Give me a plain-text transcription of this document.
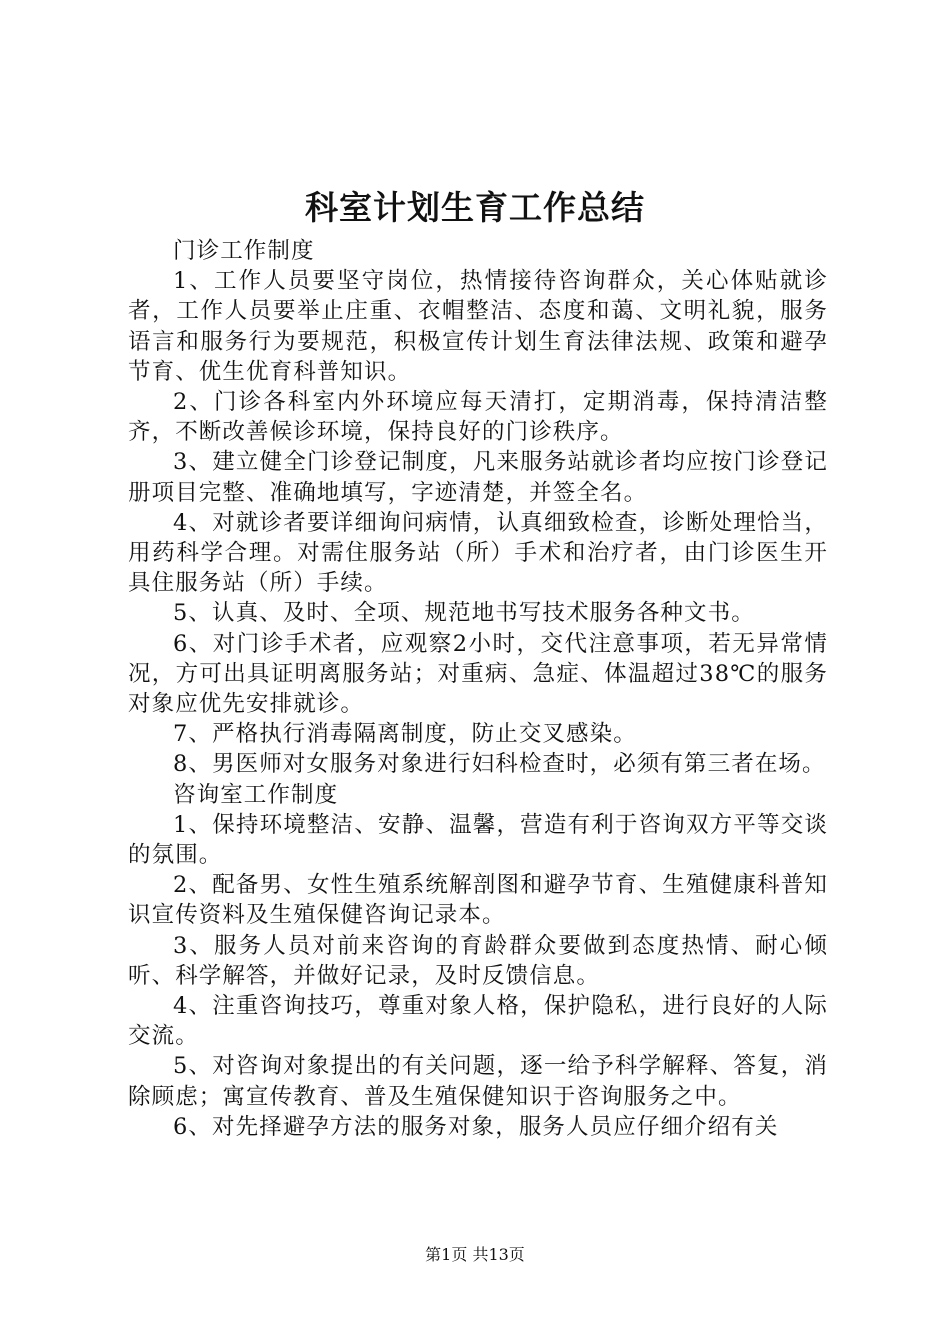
科室计划生育工作总结

门诊工作制度

1、工作人员要坚守岗位，热情接待咨询群众，关心体贴就诊者，工作人员要举止庄重、衣帽整洁、态度和蔼、文明礼貌，服务语言和服务行为要规范，积极宣传计划生育法律法规、政策和避孕节育、优生优育科普知识。

2、门诊各科室内外环境应每天清打，定期消毒，保持清洁整齐，不断改善候诊环境，保持良好的门诊秩序。

3、建立健全门诊登记制度，凡来服务站就诊者均应按门诊登记册项目完整、准确地填写，字迹清楚，并签全名。

4、对就诊者要详细询问病情，认真细致检查，诊断处理恰当，用药科学合理。对需住服务站（所）手术和治疗者，由门诊医生开具住服务站（所）手续。

5、认真、及时、全项、规范地书写技术服务各种文书。

6、对门诊手术者，应观察2小时，交代注意事项，若无异常情况，方可出具证明离服务站；对重病、急症、体温超过38℃的服务对象应优先安排就诊。

7、严格执行消毒隔离制度，防止交叉感染。

8、男医师对女服务对象进行妇科检查时，必须有第三者在场。

咨询室工作制度

1、保持环境整洁、安静、温馨，营造有利于咨询双方平等交谈的氛围。

2、配备男、女性生殖系统解剖图和避孕节育、生殖健康科普知识宣传资料及生殖保健咨询记录本。

3、服务人员对前来咨询的育龄群众要做到态度热情、耐心倾听、科学解答，并做好记录，及时反馈信息。

4、注重咨询技巧，尊重对象人格，保护隐私，进行良好的人际交流。

5、对咨询对象提出的有关问题，逐一给予科学解释、答复，消除顾虑；寓宣传教育、普及生殖保健知识于咨询服务之中。

6、对先择避孕方法的服务对象，服务人员应仔细介绍有关

第1页 共13页
